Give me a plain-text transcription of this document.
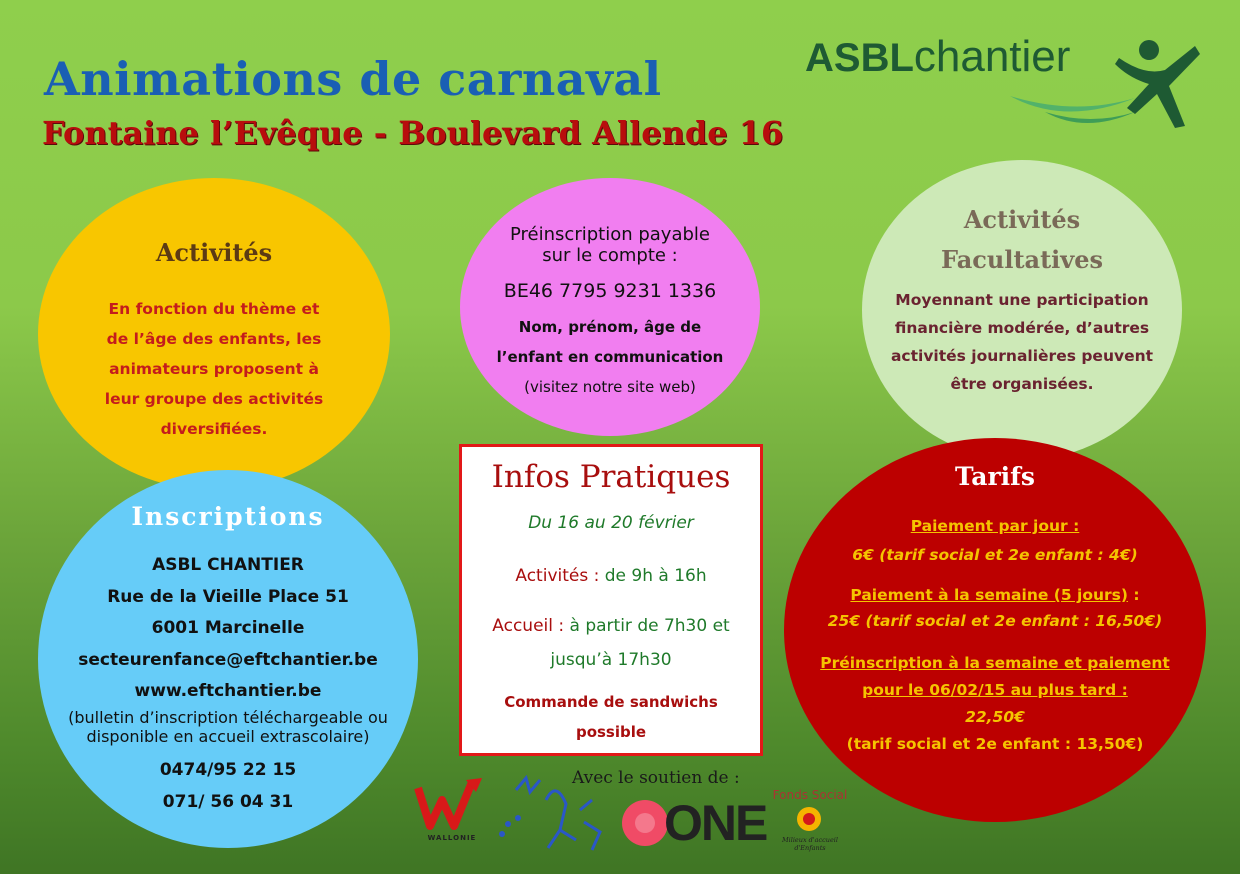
Animations de carnaval
Fontaine l’Evêque - Boulevard Allende 16
ASBLchantier
Activités
En fonction du thème et
de l’âge des enfants, les
animateurs proposent à
leur groupe des activités
diversifiées.
Préinscription payable
sur le compte :
BE46 7795 9231 1336
Nom, prénom, âge de
l’enfant en communication
(visitez notre site web)
Activités
Facultatives
Moyennant une participation
financière modérée, d’autres
activités journalières peuvent
être organisées.
Inscriptions
ASBL CHANTIER
Rue de la Vieille Place 51
6001 Marcinelle
secteurenfance@eftchantier.be
www.eftchantier.be
(bulletin d’inscription téléchargeable ou
disponible en accueil extrascolaire)
0474/95 22 15
071/ 56 04 31
Infos Pratiques
Du 16 au 20 février
Activités : de 9h à 16h
Accueil : à partir de 7h30 et
jusqu’à 17h30
Commande de sandwichs
possible
Tarifs
Paiement par jour :
6€ (tarif social et 2e enfant : 4€)
Paiement à la semaine (5 jours) :
25€ (tarif social et 2e enfant : 16,50€)
Préinscription à la semaine et paiement
pour le 06/02/15 au plus tard :
22,50€
(tarif social et 2e enfant : 13,50€)
Avec le soutien de :
WALLONIE	ONE Fonds Social
Milieux d'accueil d'Enfants
